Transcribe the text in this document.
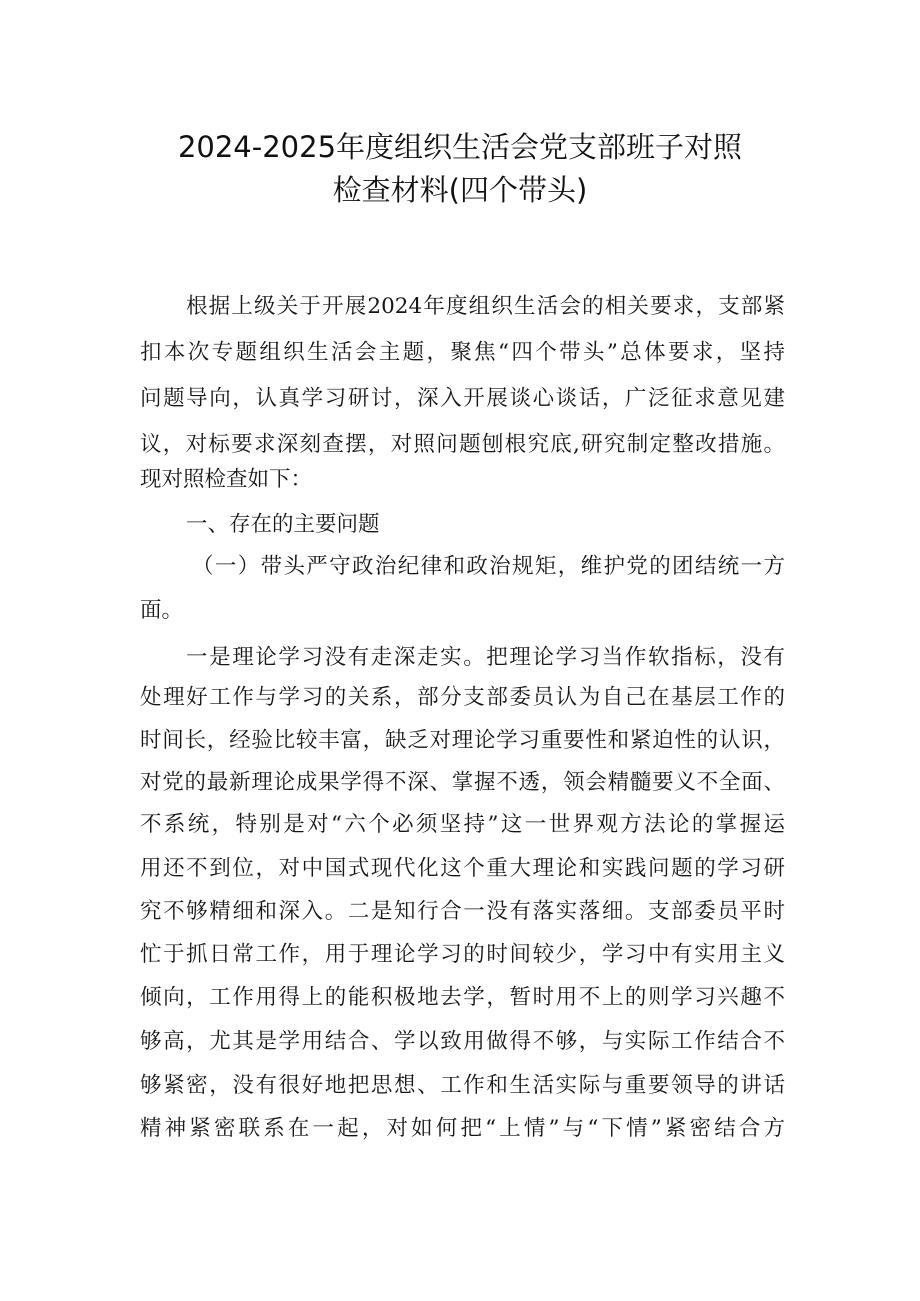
2024-2025年度组织生活会党支部班子对照
检查材料(四个带头)
根据上级关于开展2024年度组织生活会的相关要求，支部紧
扣本次专题组织生活会主题，聚焦“四个带头”总体要求，坚持
问题导向，认真学习研讨，深入开展谈心谈话，广泛征求意见建
议，对标要求深刻查摆，对照问题刨根究底,研究制定整改措施。
现对照检查如下：
一、存在的主要问题
（一）带头严守政治纪律和政治规矩，维护党的团结统一方
面。
一是理论学习没有走深走实。把理论学习当作软指标，没有
处理好工作与学习的关系，部分支部委员认为自己在基层工作的
时间长，经验比较丰富，缺乏对理论学习重要性和紧迫性的认识，
对党的最新理论成果学得不深、掌握不透，领会精髓要义不全面、
不系统，特别是对“六个必须坚持”这一世界观方法论的掌握运
用还不到位，对中国式现代化这个重大理论和实践问题的学习研
究不够精细和深入。二是知行合一没有落实落细。支部委员平时
忙于抓日常工作，用于理论学习的时间较少，学习中有实用主义
倾向，工作用得上的能积极地去学，暂时用不上的则学习兴趣不
够高，尤其是学用结合、学以致用做得不够，与实际工作结合不
够紧密，没有很好地把思想、工作和生活实际与重要领导的讲话
精神紧密联系在一起，对如何把“上情”与“下情”紧密结合方
